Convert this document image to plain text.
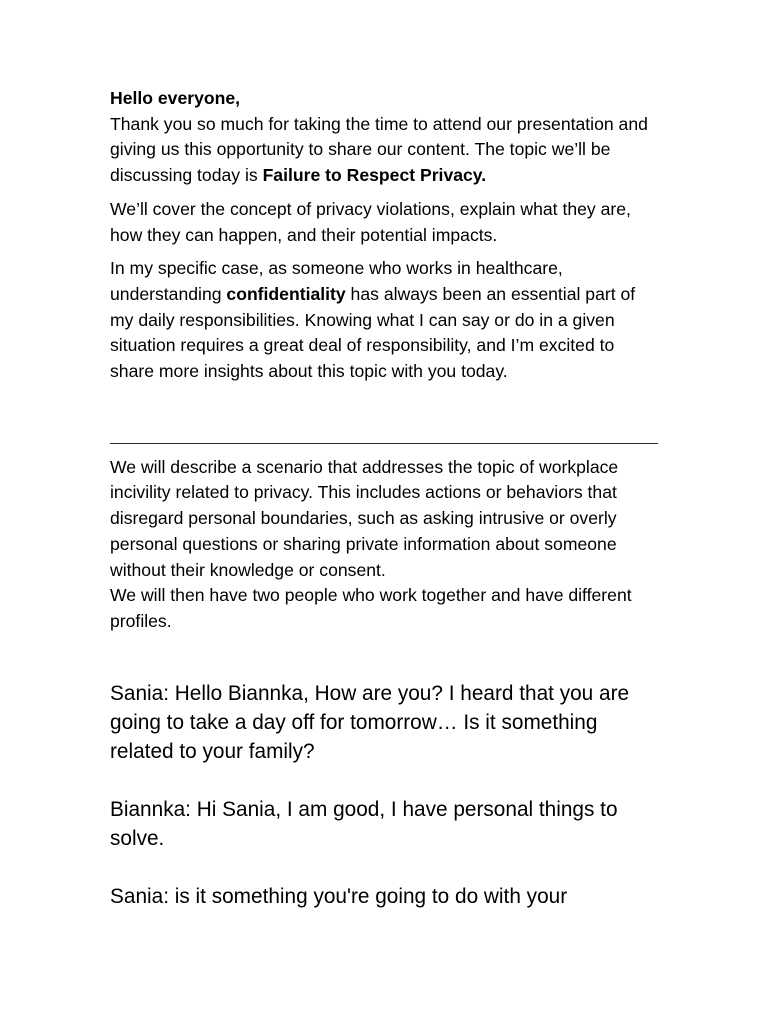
Hello everyone,

Thank you so much for taking the time to attend our presentation and giving us this opportunity to share our content. The topic we’ll be discussing today is Failure to Respect Privacy.

We’ll cover the concept of privacy violations, explain what they are, how they can happen, and their potential impacts.

In my specific case, as someone who works in healthcare, understanding confidentiality has always been an essential part of my daily responsibilities. Knowing what I can say or do in a given situation requires a great deal of responsibility, and I’m excited to share more insights about this topic with you today.

We will describe a scenario that addresses the topic of workplace incivility related to privacy. This includes actions or behaviors that disregard personal boundaries, such as asking intrusive or overly personal questions or sharing private information about someone without their knowledge or consent.

We will then have two people who work together and have different profiles.

Sania: Hello Biannka, How are you? I heard that you are going to take a day off for tomorrow… Is it something related to your family?

Biannka: Hi Sania, I am good, I have personal things to solve.

Sania: is it something you're going to do with your
